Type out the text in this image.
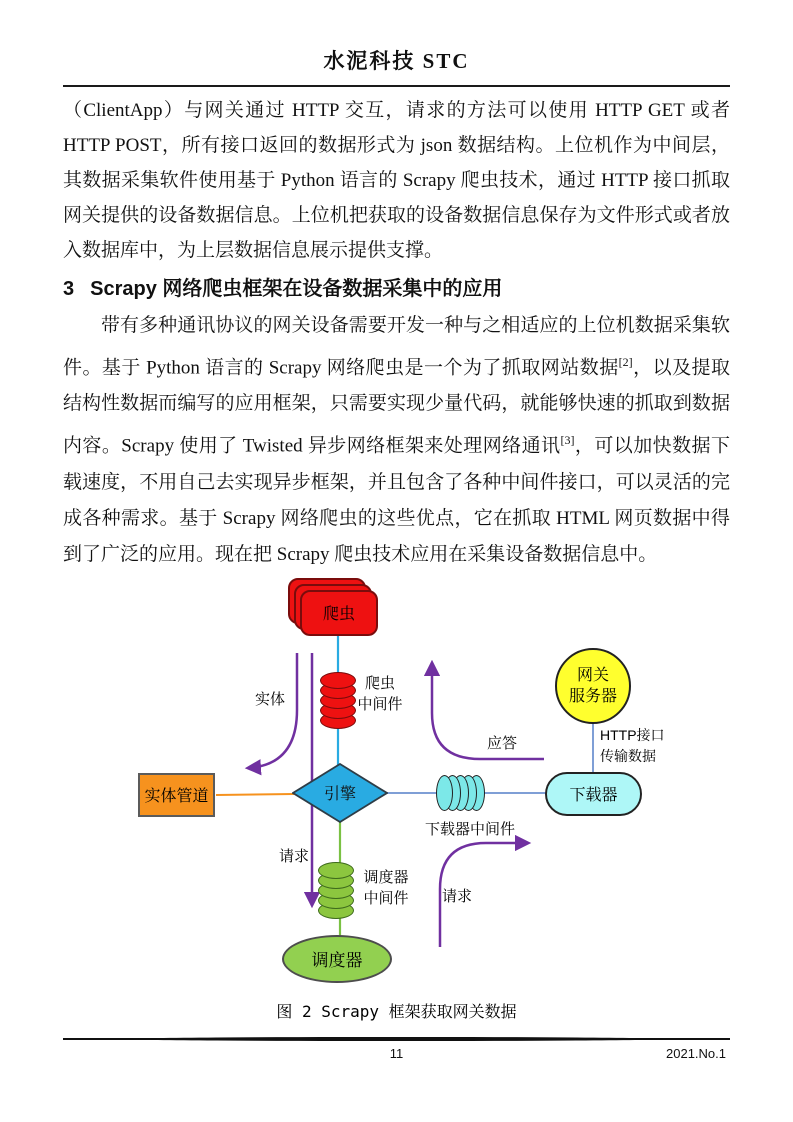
水泥科技 STC

（ClientApp）与网关通过 HTTP 交互，请求的方法可以使用 HTTP GET 或者 HTTP POST，所有接口返回的数据形式为 json 数据结构。上位机作为中间层，其数据采集软件使用基于 Python 语言的 Scrapy 爬虫技术，通过 HTTP 接口抓取网关提供的设备数据信息。上位机把获取的设备数据信息保存为文件形式或者放入数据库中，为上层数据信息展示提供支撑。

3 Scrapy 网络爬虫框架在设备数据采集中的应用

带有多种通讯协议的网关设备需要开发一种与之相适应的上位机数据采集软件。基于 Python 语言的 Scrapy 网络爬虫是一个为了抓取网站数据[2]，以及提取结构性数据而编写的应用框架，只需要实现少量代码，就能够快速的抓取到数据内容。Scrapy 使用了 Twisted 异步网络框架来处理网络通讯[3]，可以加快数据下载速度，不用自己去实现异步框架，并且包含了各种中间件接口，可以灵活的完成各种需求。基于 Scrapy 网络爬虫的这些优点，它在抓取 HTML 网页数据中得到了广泛的应用。现在把 Scrapy 爬虫技术应用在采集设备数据信息中。

爬虫
爬虫
中间件
实体
引擎
实体管道
下载器中间件
下载器
网关
服务器
HTTP接口
传输数据
应答
请求
调度器
中间件	请求
调度器
图 2 Scrapy 框架获取网关数据
11	2021.No.1
